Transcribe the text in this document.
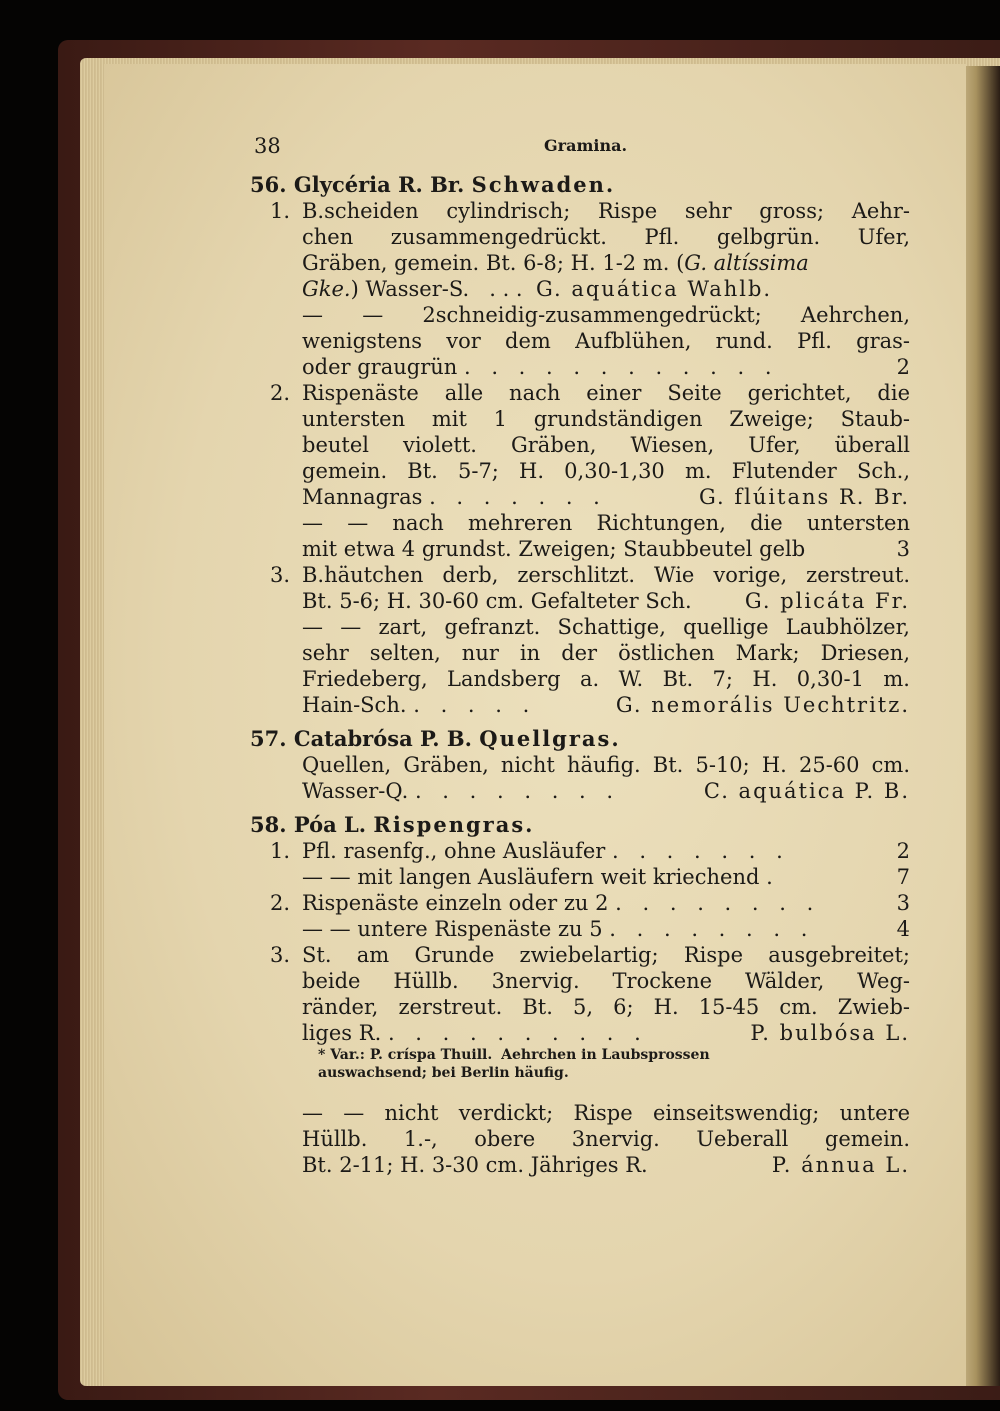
38	Gramina.
56. Glycéria R. Br. Schwaden.
1. B.scheiden cylindrisch; Rispe sehr gross; Aehr-
chen zusammengedrückt. Pfl. gelbgrün. Ufer,
Gräben, gemein. Bt. 6-8; H. 1-2 m. (G. altíssima
Gke.) Wasser-S. . . . G. aquática Wahlb.
— — 2schneidig-zusammengedrückt; Aehrchen,
wenigstens vor dem Aufblühen, rund. Pfl. gras-
oder graugrün . . . . . . . . . . . .	2
2. Rispenäste alle nach einer Seite gerichtet, die
untersten mit 1 grundständigen Zweige; Staub-
beutel violett. Gräben, Wiesen, Ufer, überall
gemein. Bt. 5-7; H. 0,30-1,30 m. Flutender Sch.,
Mannagras . . . . . . .	G. flúitans R. Br.
— — nach mehreren Richtungen, die untersten
mit etwa 4 grundst. Zweigen; Staubbeutel gelb	3
3. B.häutchen derb, zerschlitzt. Wie vorige, zerstreut.
Bt. 5-6; H. 30-60 cm. Gefalteter Sch.	G. plicáta Fr.
— — zart, gefranzt. Schattige, quellige Laubhölzer,
sehr selten, nur in der östlichen Mark; Driesen,
Friedeberg, Landsberg a. W. Bt. 7; H. 0,30-1 m.
Hain-Sch. . . . . .	G. nemorális Uechtritz.
57. Catabrósa P. B. Quellgras.
Quellen, Gräben, nicht häufig. Bt. 5-10; H. 25-60 cm.
Wasser-Q. . . . . . . . .	C. aquática P. B.
58. Póa L. Rispengras.
1. Pfl. rasenfg., ohne Ausläufer . . . . . . .	2
— — mit langen Ausläufern weit kriechend .	7
2. Rispenäste einzeln oder zu 2 . . . . . . . .	3
— — untere Rispenäste zu 5 . . . . . . . .	4
3. St. am Grunde zwiebelartig; Rispe ausgebreitet;
beide Hüllb. 3nervig. Trockene Wälder, Weg-
ränder, zerstreut. Bt. 5, 6; H. 15-45 cm. Zwieb-
liges R. . . . . . . . . . .	P. bulbósa L.
* Var.: P. críspa Thuill. Aehrchen in Laubsprossen
auswachsend; bei Berlin häufig.
— — nicht verdickt; Rispe einseitswendig; untere
Hüllb. 1.-, obere 3nervig. Ueberall gemein.
Bt. 2-11; H. 3-30 cm. Jähriges R.	P. ánnua L.
